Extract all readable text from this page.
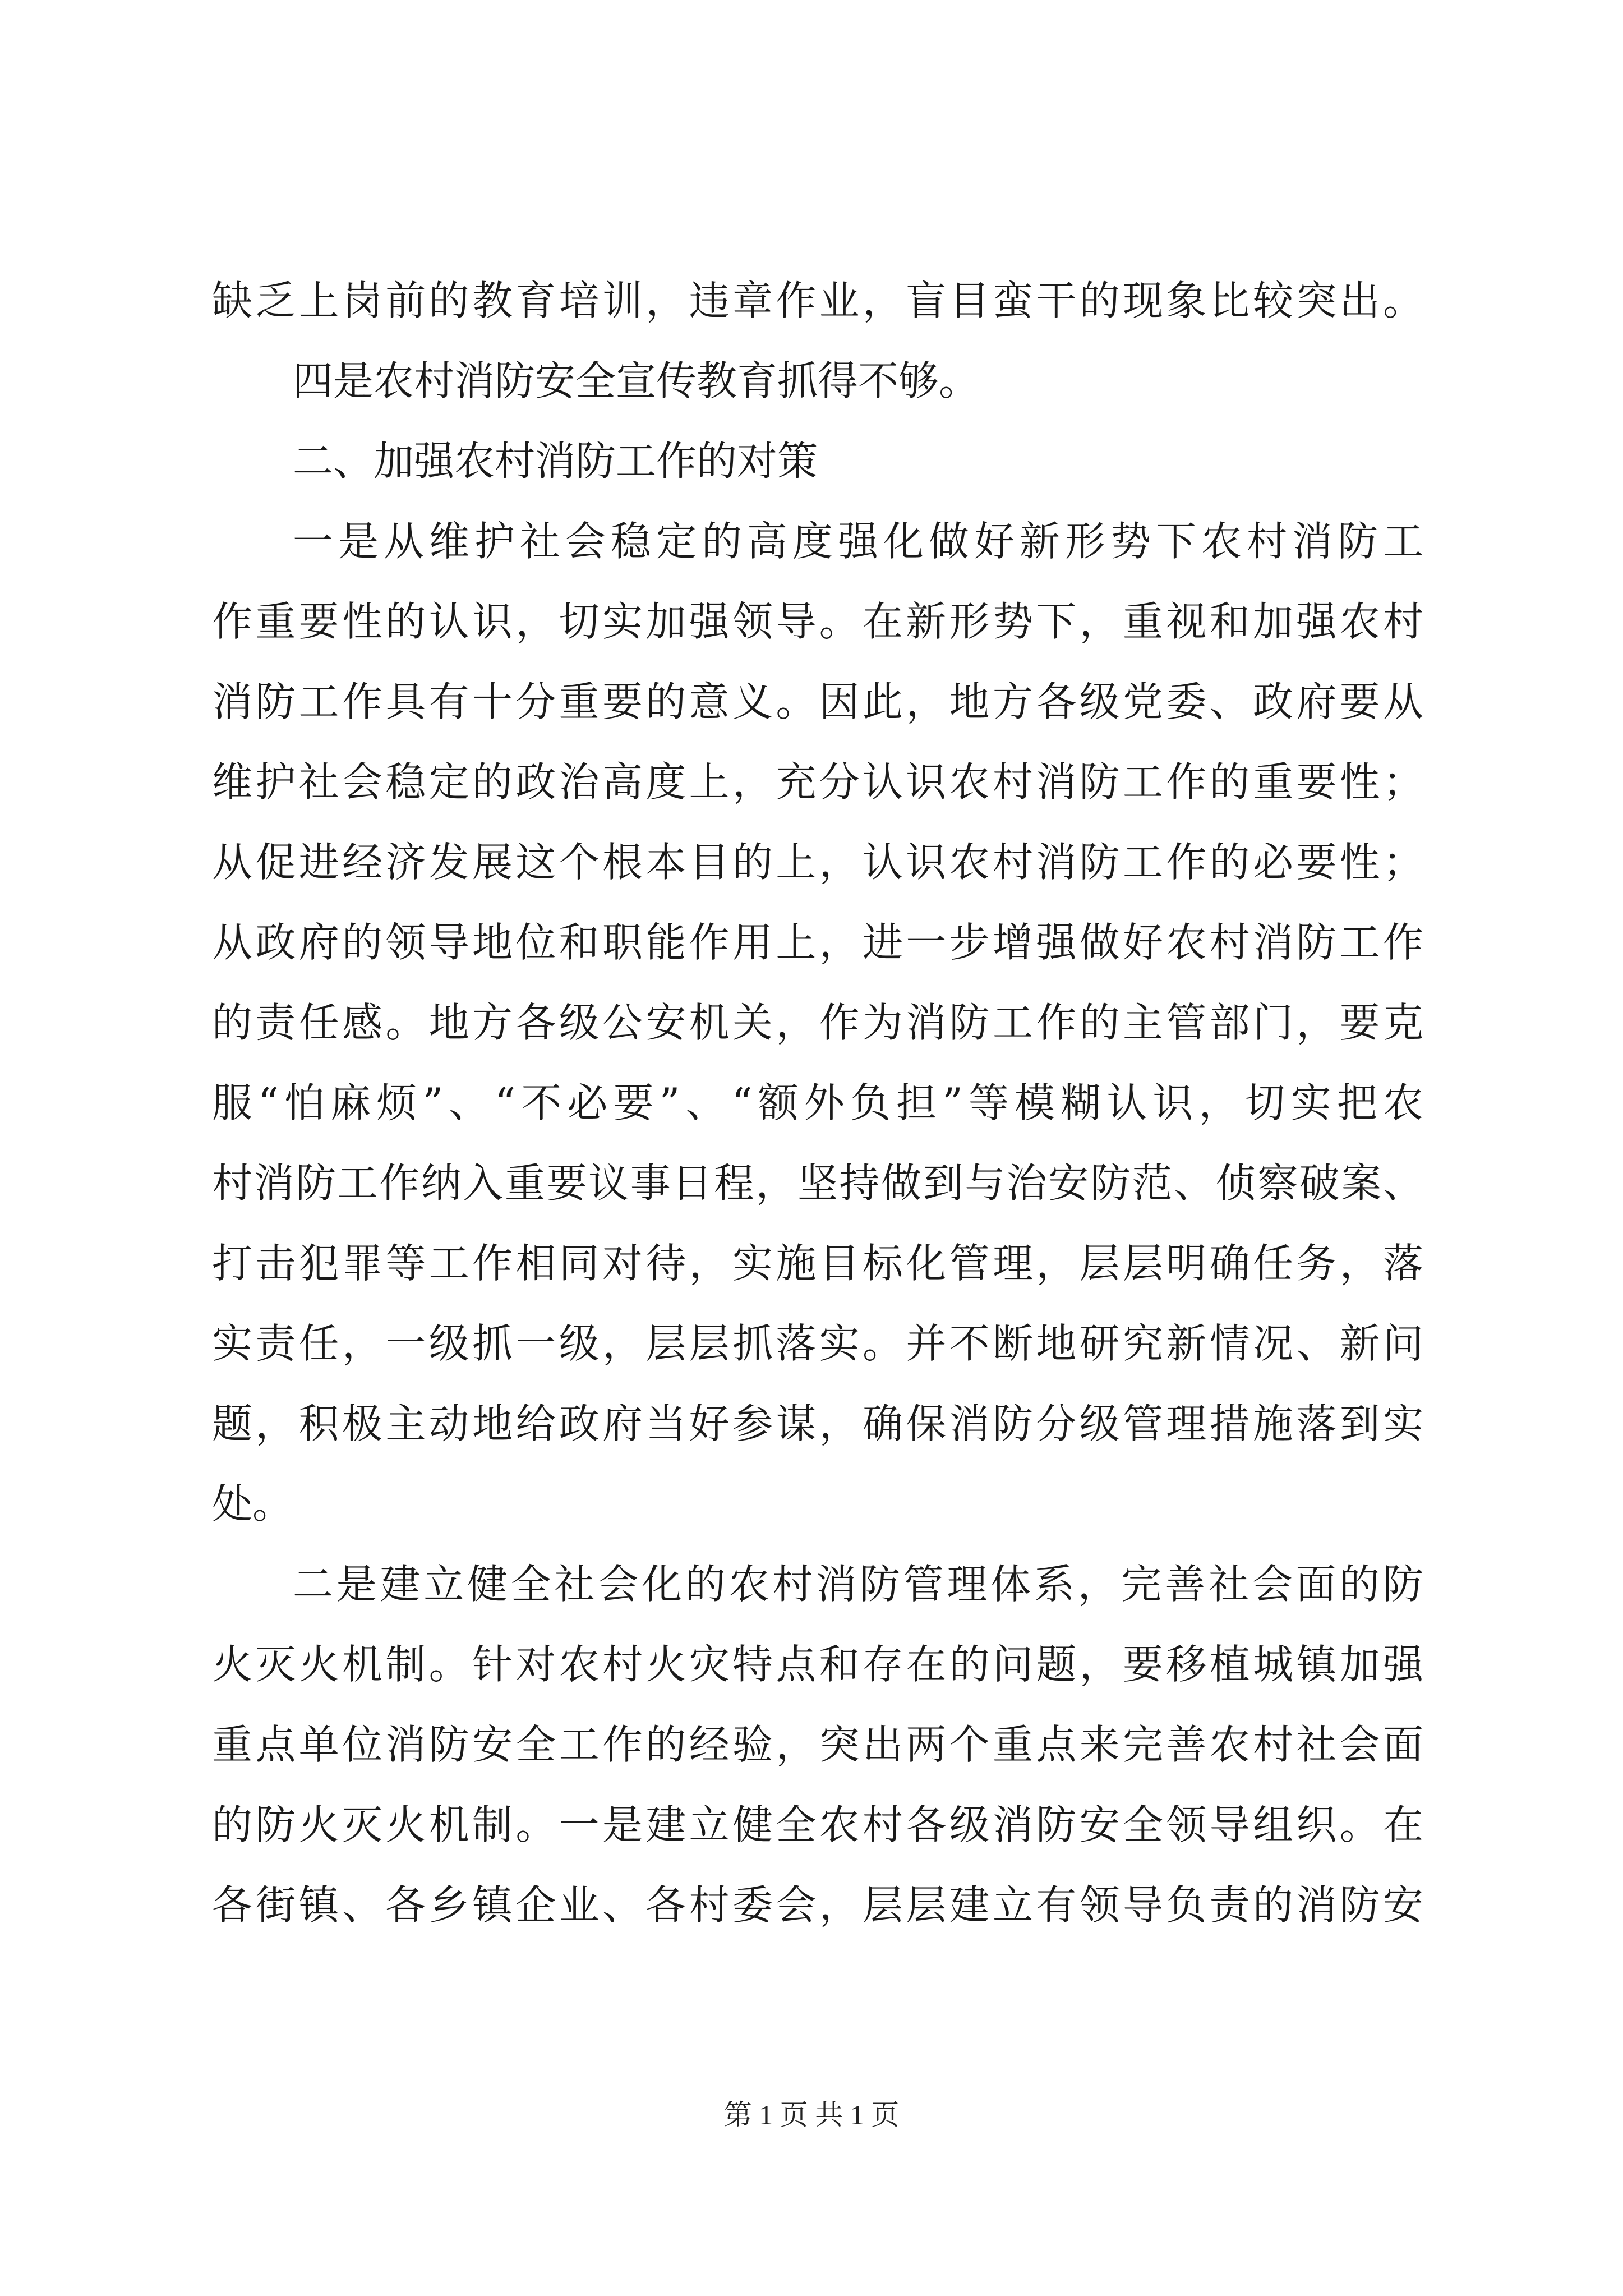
缺乏上岗前的教育培训，违章作业，盲目蛮干的现象比较突出。
四是农村消防安全宣传教育抓得不够。
二、加强农村消防工作的对策
一是从维护社会稳定的高度强化做好新形势下农村消防工
作重要性的认识，切实加强领导。在新形势下，重视和加强农村
消防工作具有十分重要的意义。因此，地方各级党委、政府要从
维护社会稳定的政治高度上，充分认识农村消防工作的重要性；
从促进经济发展这个根本目的上，认识农村消防工作的必要性；
从政府的领导地位和职能作用上，进一步增强做好农村消防工作
的责任感。地方各级公安机关，作为消防工作的主管部门，要克
服“怕麻烦”、“不必要”、“额外负担”等模糊认识，切实把农
村消防工作纳入重要议事日程，坚持做到与治安防范、侦察破案、
打击犯罪等工作相同对待，实施目标化管理，层层明确任务，落
实责任，一级抓一级，层层抓落实。并不断地研究新情况、新问
题，积极主动地给政府当好参谋，确保消防分级管理措施落到实
处。
二是建立健全社会化的农村消防管理体系，完善社会面的防
火灭火机制。针对农村火灾特点和存在的问题，要移植城镇加强
重点单位消防安全工作的经验，突出两个重点来完善农村社会面
的防火灭火机制。一是建立健全农村各级消防安全领导组织。在
各街镇、各乡镇企业、各村委会，层层建立有领导负责的消防安
第 1 页 共 1 页
